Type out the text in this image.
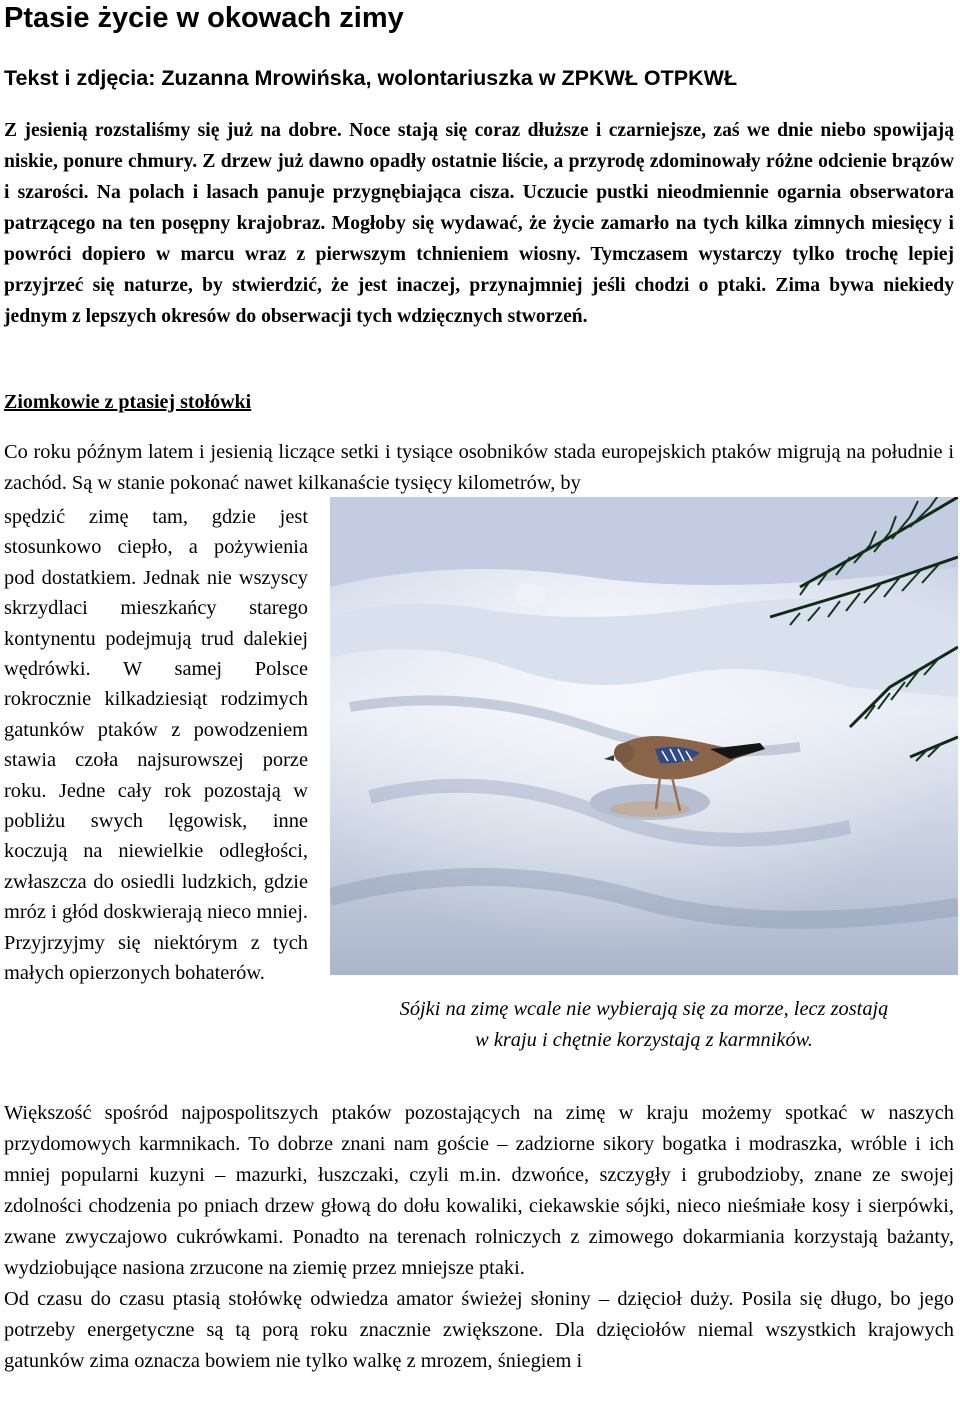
Ptasie życie w okowach zimy

Tekst i zdjęcia: Zuzanna Mrowińska, wolontariuszka w ZPKWŁ OTPKWŁ

Z jesienią rozstaliśmy się już na dobre. Noce stają się coraz dłuższe i czarniejsze, zaś we dnie niebo spowijają niskie, ponure chmury. Z drzew już dawno opadły ostatnie liście, a przyrodę zdominowały różne odcienie brązów i szarości. Na polach i lasach panuje przygnębiająca cisza. Uczucie pustki nieodmiennie ogarnia obserwatora patrzącego na ten posępny krajobraz. Mogłoby się wydawać, że życie zamarło na tych kilka zimnych miesięcy i powróci dopiero w marcu wraz z pierwszym tchnieniem wiosny. Tymczasem wystarczy tylko trochę lepiej przyjrzeć się naturze, by stwierdzić, że jest inaczej, przynajmniej jeśli chodzi o ptaki. Zima bywa niekiedy jednym z lepszych okresów do obserwacji tych wdzięcznych stworzeń.

Ziomkowie z ptasiej stołówki

Co roku późnym latem i jesienią liczące setki i tysiące osobników stada europejskich ptaków migrują na południe i zachód. Są w stanie pokonać nawet kilkanaście tysięcy kilometrów, by

spędzić zimę tam, gdzie jest stosunkowo ciepło, a pożywienia pod dostatkiem. Jednak nie wszyscy skrzydlaci mieszkańcy starego kontynentu podejmują trud dalekiej wędrówki. W samej Polsce rokrocznie kilkadziesiąt rodzimych gatunków ptaków z powodzeniem stawia czoła najsurowszej porze roku. Jedne cały rok pozostają w pobliżu swych lęgowisk, inne koczują na niewielkie odległości, zwłaszcza do osiedli ludzkich, gdzie mróz i głód doskwierają nieco mniej. Przyjrzyjmy się niektórym z tych małych opierzonych bohaterów.

Sójki na zimę wcale nie wybierają się za morze, lecz zostają
w kraju i chętnie korzystają z karmników.

Większość spośród najpospolitszych ptaków pozostających na zimę w kraju możemy spotkać w naszych przydomowych karmnikach. To dobrze znani nam goście – zadziorne sikory bogatka i modraszka, wróble i ich mniej popularni kuzyni – mazurki, łuszczaki, czyli m.in. dzwońce, szczygły i grubodzioby, znane ze swojej zdolności chodzenia po pniach drzew głową do dołu kowaliki, ciekawskie sójki, nieco nieśmiałe kosy i sierpówki, zwane zwyczajowo cukrówkami. Ponadto na terenach rolniczych z zimowego dokarmiania korzystają bażanty, wydziobujące nasiona zrzucone na ziemię przez mniejsze ptaki.

Od czasu do czasu ptasią stołówkę odwiedza amator świeżej słoniny – dzięcioł duży. Posila się długo, bo jego potrzeby energetyczne są tą porą roku znacznie zwiększone. Dla dzięciołów niemal wszystkich krajowych gatunków zima oznacza bowiem nie tylko walkę z mrozem, śniegiem i
